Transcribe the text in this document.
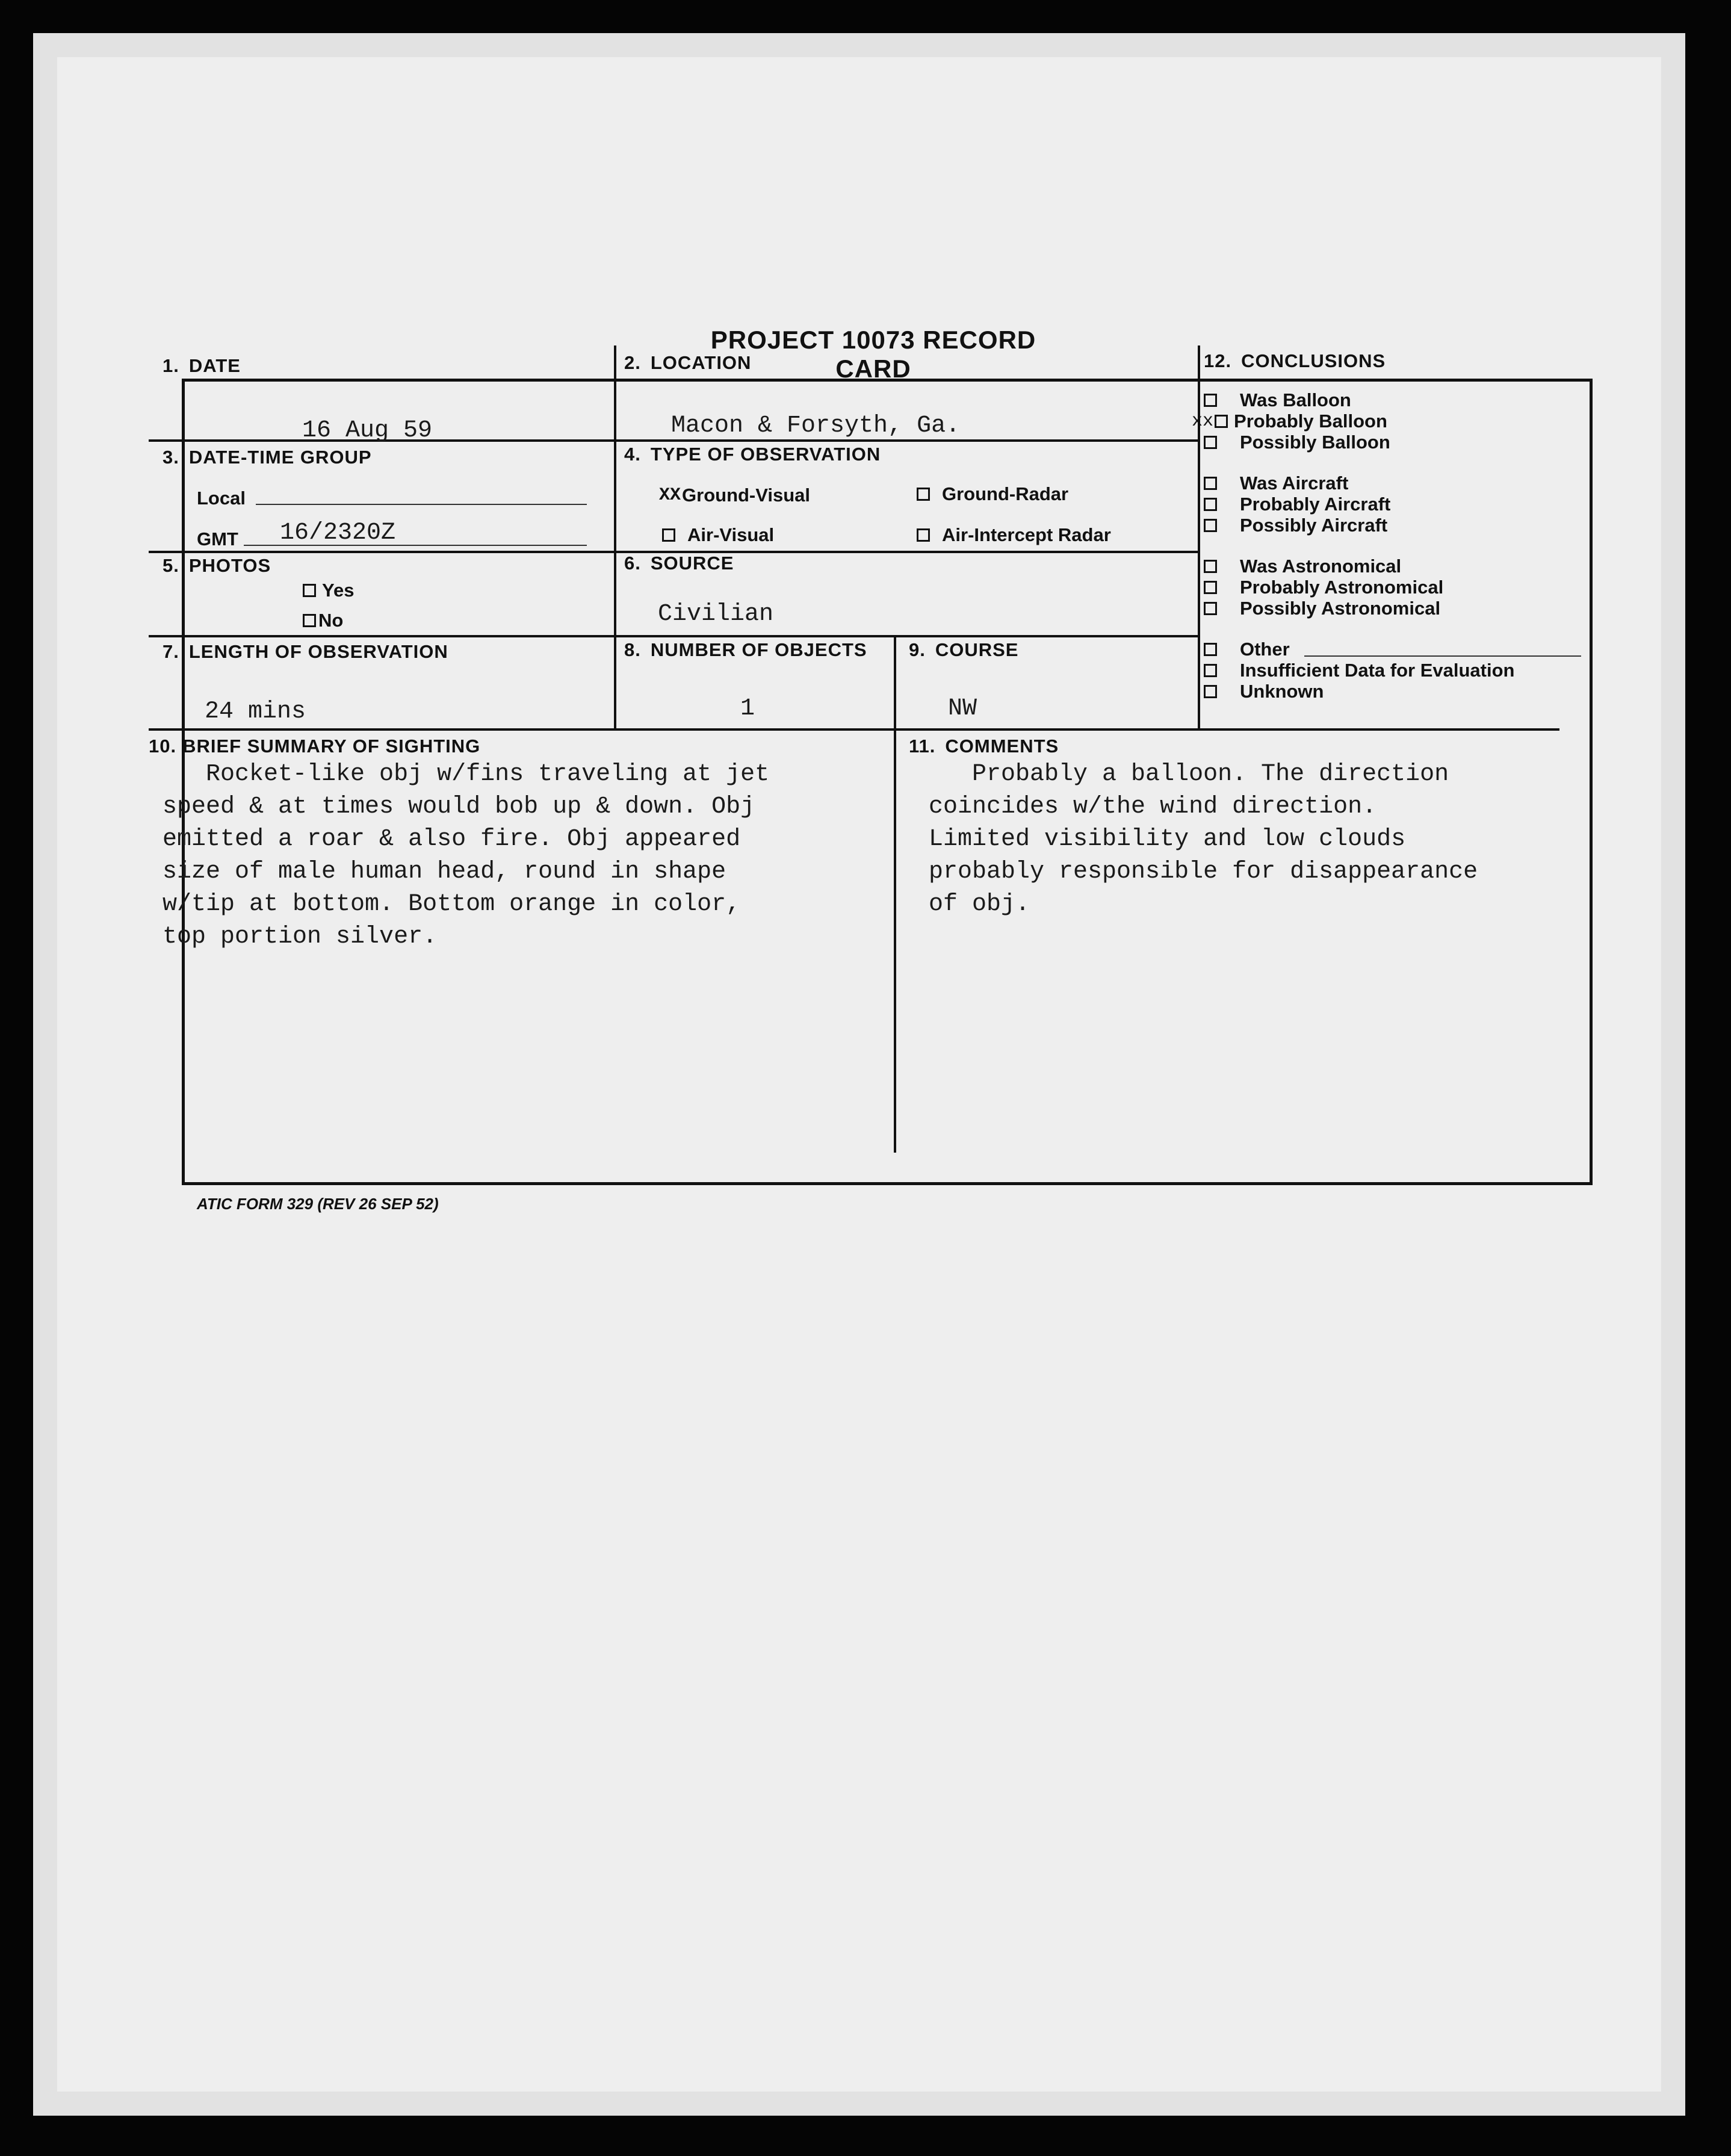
PROJECT 10073 RECORD CARD
1. DATE
16 Aug 59
2. LOCATION
Macon & Forsyth, Ga.
3. DATE-TIME GROUP
Local
GMT 16/2320Z
4. TYPE OF OBSERVATION
XX Ground-Visual	Ground-Radar
Air-Visual	Air-Intercept Radar
5. PHOTOS
Yes
No
6. SOURCE
Civilian
7. LENGTH OF OBSERVATION
24 mins
8. NUMBER OF OBJECTS
1
9. COURSE
NW
10. BRIEF SUMMARY OF SIGHTING
Rocket-like obj w/fins traveling at jet
speed & at times would bob up & down. Obj
emitted a roar & also fire. Obj appeared
size of male human head, round in shape
w/tip at bottom. Bottom orange in color,
top portion silver.
11. COMMENTS
Probably a balloon. The direction
coincides w/the wind direction.
Limited visibility and low clouds
probably responsible for disappearance
of obj.
12. CONCLUSIONS
Was Balloon
xx Probably Balloon
Possibly Balloon
Was Aircraft
Probably Aircraft
Possibly Aircraft
Was Astronomical
Probably Astronomical
Possibly Astronomical
Other
Insufficient Data for Evaluation
Unknown
ATIC FORM 329 (REV 26 SEP 52)
